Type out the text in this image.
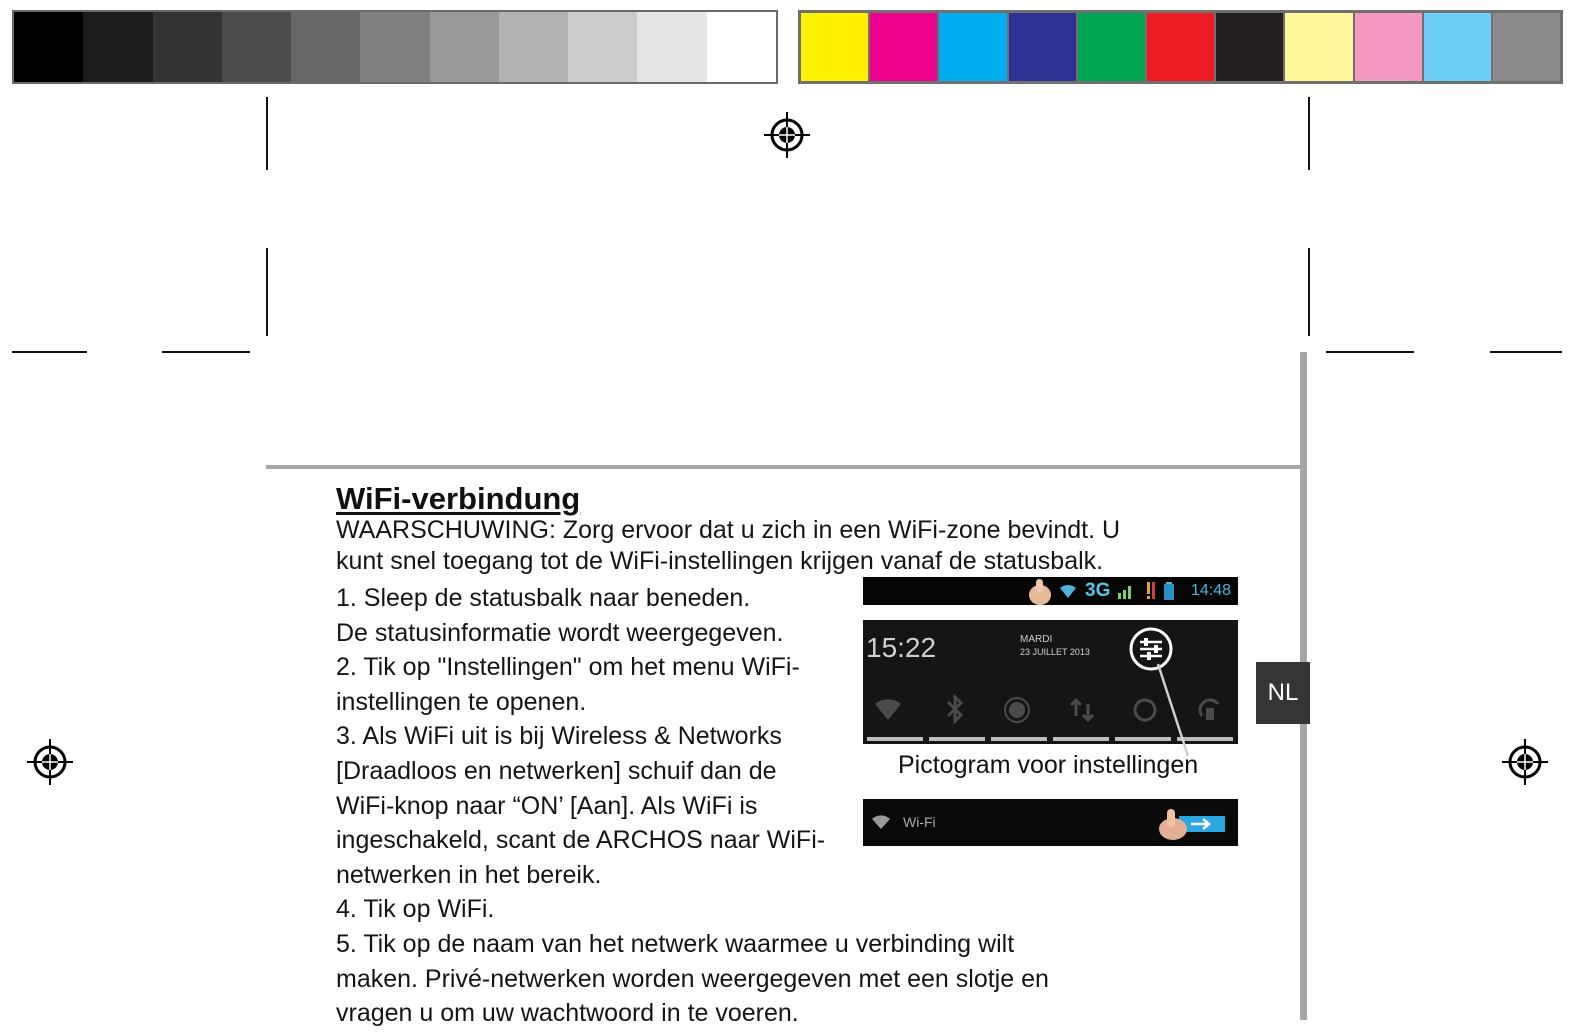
NL
WiFi-verbindung
WAARSCHUWING: Zorg ervoor dat u zich in een WiFi-zone bevindt. U
kunt snel toegang tot de WiFi-instellingen krijgen vanaf de statusbalk.
1. Sleep de statusbalk naar beneden.
De statusinformatie wordt weergegeven.
2. Tik op "Instellingen" om het menu WiFi-
instellingen te openen.
3. Als WiFi uit is bij Wireless & Networks
[Draadloos en netwerken] schuif dan de
WiFi-knop naar “ON’ [Aan]. Als WiFi is
ingeschakeld, scant de ARCHOS naar WiFi-
netwerken in het bereik.
4. Tik op WiFi.
5. Tik op de naam van het netwerk waarmee u verbinding wilt
maken. Privé-netwerken worden weergegeven met een slotje en
vragen u om uw wachtwoord in te voeren.
3G	14:48
15:22	MARDI
23 JUILLET 2013
Pictogram voor instellingen
Wi-Fi
